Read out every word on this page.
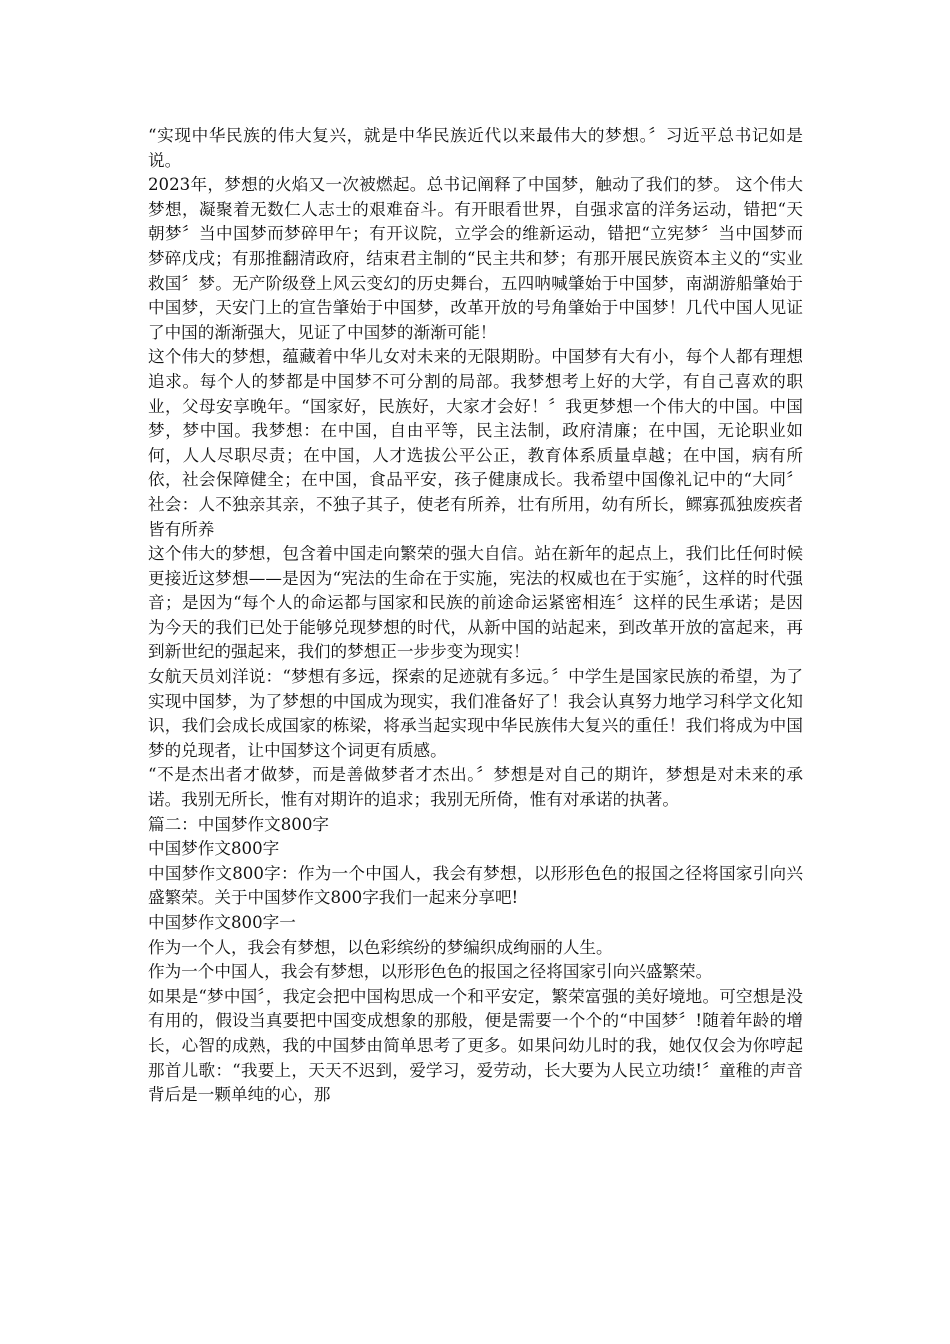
“实现中华民族的伟大复兴，就是中华民族近代以来最伟大的梦想。〞习近平总书记如是说。

2023年，梦想的火焰又一次被燃起。总书记阐释了中国梦，触动了我们的梦。 这个伟大梦想，凝聚着无数仁人志士的艰难奋斗。有开眼看世界，自强求富的洋务运动，错把“天朝梦〞当中国梦而梦碎甲午；有开议院，立学会的维新运动，错把“立宪梦〞当中国梦而梦碎戊戌；有那推翻清政府，结束君主制的“民主共和梦；有那开展民族资本主义的“实业救国〞梦。无产阶级登上风云变幻的历史舞台，五四呐喊肇始于中国梦，南湖游船肇始于中国梦，天安门上的宣告肇始于中国梦，改革开放的号角肇始于中国梦！几代中国人见证了中国的渐渐强大，见证了中国梦的渐渐可能！

这个伟大的梦想，蕴藏着中华儿女对未来的无限期盼。中国梦有大有小，每个人都有理想追求。每个人的梦都是中国梦不可分割的局部。我梦想考上好的大学，有自己喜欢的职业，父母安享晚年。“国家好，民族好，大家才会好！〞我更梦想一个伟大的中国。中国梦，梦中国。我梦想：在中国，自由平等，民主法制，政府清廉；在中国，无论职业如何，人人尽职尽责；在中国，人才选拔公平公正，教育体系质量卓越；在中国，病有所依，社会保障健全；在中国，食品平安，孩子健康成长。我希望中国像礼记中的“大同〞社会：人不独亲其亲，不独子其子，使老有所养，壮有所用，幼有所长，鳏寡孤独废疾者皆有所养

这个伟大的梦想，包含着中国走向繁荣的强大自信。站在新年的起点上，我们比任何时候更接近这梦想——是因为“宪法的生命在于实施，宪法的权威也在于实施〞，这样的时代强音；是因为“每个人的命运都与国家和民族的前途命运紧密相连〞这样的民生承诺；是因为今天的我们已处于能够兑现梦想的时代，从新中国的站起来，到改革开放的富起来，再到新世纪的强起来，我们的梦想正一步步变为现实！

女航天员刘洋说：“梦想有多远，探索的足迹就有多远。〞中学生是国家民族的希望，为了实现中国梦，为了梦想的中国成为现实，我们准备好了！我会认真努力地学习科学文化知识，我们会成长成国家的栋梁，将承当起实现中华民族伟大复兴的重任！我们将成为中国梦的兑现者，让中国梦这个词更有质感。

“不是杰出者才做梦，而是善做梦者才杰出。〞梦想是对自己的期许，梦想是对未来的承诺。我别无所长，惟有对期许的追求；我别无所倚，惟有对承诺的执著。

篇二：中国梦作文800字

中国梦作文800字

中国梦作文800字：作为一个中国人，我会有梦想，以形形色色的报国之径将国家引向兴盛繁荣。关于中国梦作文800字我们一起来分享吧!

中国梦作文800字一

作为一个人，我会有梦想，以色彩缤纷的梦编织成绚丽的人生。

作为一个中国人，我会有梦想，以形形色色的报国之径将国家引向兴盛繁荣。

如果是“梦中国〞，我定会把中国构思成一个和平安定，繁荣富强的美好境地。可空想是没有用的，假设当真要把中国变成想象的那般，便是需要一个个的“中国梦〞!随着年龄的增长，心智的成熟，我的中国梦由简单思考了更多。如果问幼儿时的我，她仅仅会为你哼起那首儿歌：“我要上，天天不迟到，爱学习，爱劳动，长大要为人民立功绩!〞童稚的声音背后是一颗单纯的心，那
